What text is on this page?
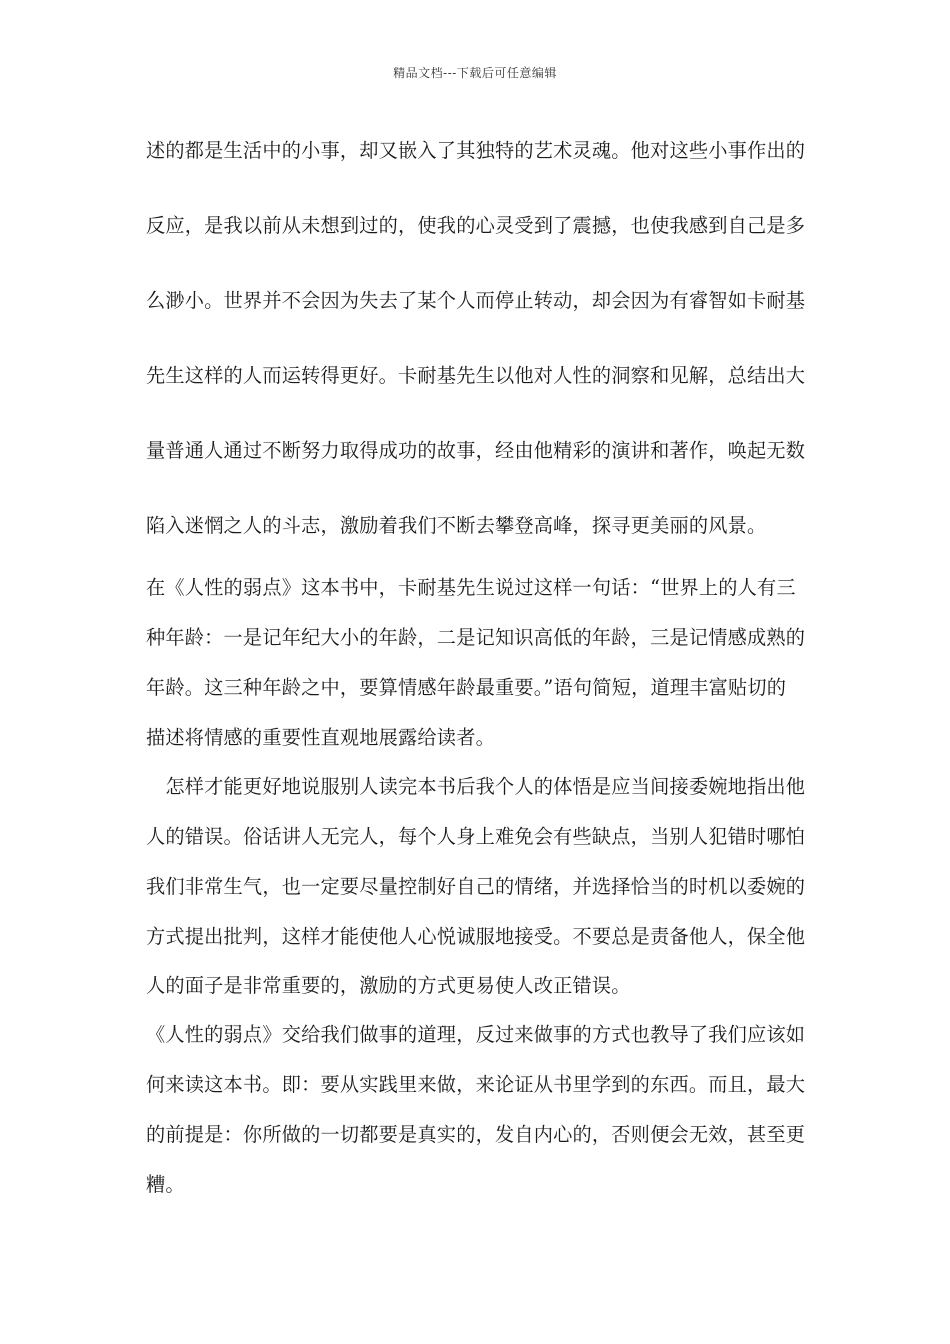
精品文档---下载后可任意编辑
述的都是生活中的小事，却又嵌入了其独特的艺术灵魂。他对这些小事作出的
反应，是我以前从未想到过的，使我的心灵受到了震撼，也使我感到自己是多
么渺小。世界并不会因为失去了某个人而停止转动，却会因为有睿智如卡耐基
先生这样的人而运转得更好。卡耐基先生以他对人性的洞察和见解，总结出大
量普通人通过不断努力取得成功的故事，经由他精彩的演讲和著作，唤起无数
陷入迷惘之人的斗志，激励着我们不断去攀登高峰，探寻更美丽的风景。
在《人性的弱点》这本书中，卡耐基先生说过这样一句话：“世界上的人有三
种年龄：一是记年纪大小的年龄，二是记知识高低的年龄，三是记情感成熟的
年龄。这三种年龄之中，要算情感年龄最重要。”语句简短，道理丰富贴切的
描述将情感的重要性直观地展露给读者。
　怎样才能更好地说服别人读完本书后我个人的体悟是应当间接委婉地指出他
人的错误。俗话讲人无完人，每个人身上难免会有些缺点，当别人犯错时哪怕
我们非常生气，也一定要尽量控制好自己的情绪，并选择恰当的时机以委婉的
方式提出批判，这样才能使他人心悦诚服地接受。不要总是责备他人，保全他
人的面子是非常重要的，激励的方式更易使人改正错误。
《人性的弱点》交给我们做事的道理，反过来做事的方式也教导了我们应该如
何来读这本书。即：要从实践里来做，来论证从书里学到的东西。而且，最大
的前提是：你所做的一切都要是真实的，发自内心的，否则便会无效，甚至更
糟。
